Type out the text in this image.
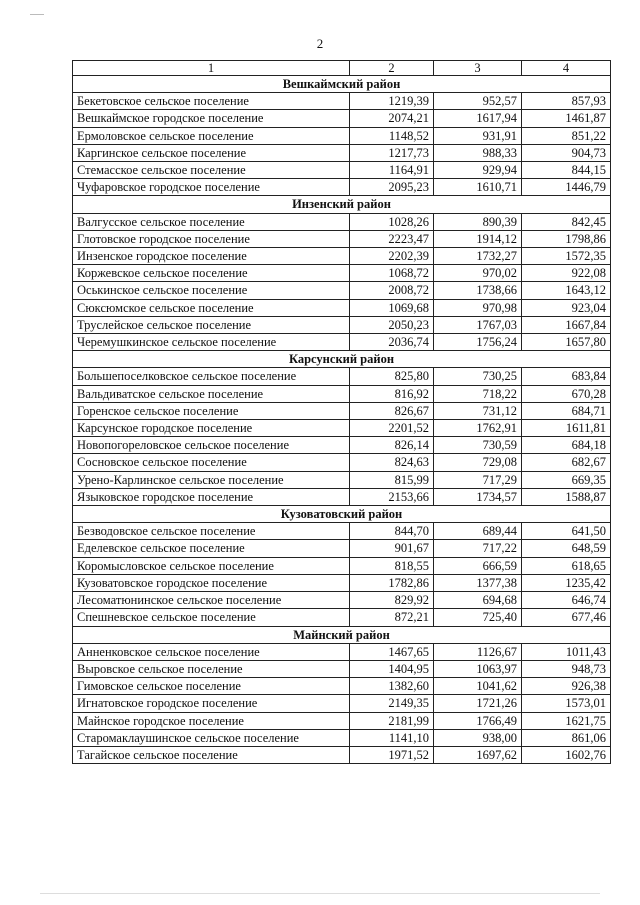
2
1	2	3	4
Вешкаймский район			
Бекетовское сельское поселение	1219,39	952,57	857,93
Вешкаймское городское поселение	2074,21	1617,94	1461,87
Ермоловское сельское поселение	1148,52	931,91	851,22
Каргинское сельское поселение	1217,73	988,33	904,73
Стемасское сельское поселение	1164,91	929,94	844,15
Чуфаровское городское поселение	2095,23	1610,71	1446,79
Инзенский район			
Валгусское сельское поселение	1028,26	890,39	842,45
Глотовское городское поселение	2223,47	1914,12	1798,86
Инзенское городское поселение	2202,39	1732,27	1572,35
Коржевское сельское поселение	1068,72	970,02	922,08
Оськинское сельское поселение	2008,72	1738,66	1643,12
Сюксюмское сельское поселение	1069,68	970,98	923,04
Труслейское сельское поселение	2050,23	1767,03	1667,84
Черемушкинское сельское поселение	2036,74	1756,24	1657,80
Карсунский район			
Большепоселковское сельское поселение	825,80	730,25	683,84
Вальдиватское сельское поселение	816,92	718,22	670,28
Горенское сельское поселение	826,67	731,12	684,71
Карсунское городское поселение	2201,52	1762,91	1611,81
Новопогореловское сельское поселение	826,14	730,59	684,18
Сосновское сельское поселение	824,63	729,08	682,67
Урено-Карлинское сельское поселение	815,99	717,29	669,35
Языковское городское поселение	2153,66	1734,57	1588,87
Кузоватовский район			
Безводовское сельское поселение	844,70	689,44	641,50
Еделевское сельское поселение	901,67	717,22	648,59
Коромысловское сельское поселение	818,55	666,59	618,65
Кузоватовское городское поселение	1782,86	1377,38	1235,42
Лесоматюнинское сельское поселение	829,92	694,68	646,74
Спешневское сельское поселение	872,21	725,40	677,46
Майнский район			
Анненковское сельское поселение	1467,65	1126,67	1011,43
Выровское сельское поселение	1404,95	1063,97	948,73
Гимовское сельское поселение	1382,60	1041,62	926,38
Игнатовское городское поселение	2149,35	1721,26	1573,01
Майнское городское поселение	2181,99	1766,49	1621,75
Старомаклаушинское сельское поселение	1141,10	938,00	861,06
Тагайское сельское поселение	1971,52	1697,62	1602,76
